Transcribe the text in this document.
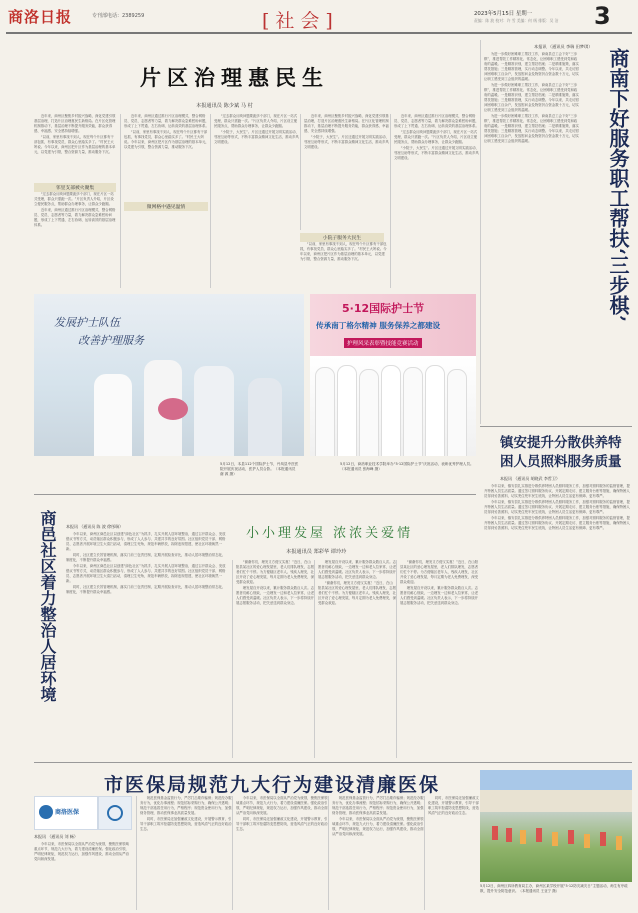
商洛日报	专刊部电话：2389259	[社会]	2023年5月15日 星期一
责编：陈 波 校对：许 雪 美编：何 绒 排版：吴 洁 3
片区治理惠民生
本报通讯员 陈少斌 马 村

近年来，商州区聚焦乡村振兴战略，深化党建引领基层治理，打造片区治理惠民生新格局。在片区化管理机制推动下，基层治理不断提升服务效能，群众获得感、幸福感、安全感持续增强。

“以前，家里有事找不到人，现在每个片区都有干部包抓，有事找党员，群众心里踏实多了。”村民王大妈说。今年以来，商州区把片区作为基层治理的基本单元，以党建为引领，整合资源力量，推动服务下沉。

邻里支部被火聚集

“过去群众反映问题要跑多个部门，现在片区一站式受理，群众只需跑一次。”片区负责人介绍，片区设立便民服务点，帮助群众办理事务，让群众少跑腿。

近年来，商州区通过推行片区治理模式，整合网格员、党员、志愿者等力量，着力解决群众急难愁盼问题，形成了上下贯通、左右协调、运转高效的基层治理体系。

近年来，商州区通过推行片区治理模式，整合网格员、党员、志愿者等力量，着力解决群众急难愁盼问题，形成了上下贯通、左右协调、运转高效的基层治理体系。

“以前，家里有事找不到人，现在每个片区都有干部包抓，有事找党员，群众心里踏实多了。”村民王大妈说。今年以来，商州区把片区作为基层治理的基本单元，以党建为引领，整合资源力量，推动服务下沉。

微网格中遇见温情

“过去群众反映问题要跑多个部门，现在片区一站式受理，群众只需跑一次。”片区负责人介绍，片区设立便民服务点，帮助群众办理事务，让群众少跑腿。

“小院子，大民生”。片区还通过开展文明实践活动、邻里互助等形式，不断丰富群众精神文化生活，推动乡风文明建设。

小院子服务大民生

近年来，商州区聚焦乡村振兴战略，深化党建引领基层治理，打造片区治理惠民生新格局。在片区化管理机制推动下，基层治理不断提升服务效能，群众获得感、幸福感、安全感持续增强。

“小院子，大民生”。片区还通过开展文明实践活动、邻里互助等形式，不断丰富群众精神文化生活，推动乡风文明建设。

“以前，家里有事找不到人，现在每个片区都有干部包抓，有事找党员，群众心里踏实多了。”村民王大妈说。今年以来，商州区把片区作为基层治理的基本单元，以党建为引领，整合资源力量，推动服务下沉。

近年来，商州区通过推行片区治理模式，整合网格员、党员、志愿者等力量，着力解决群众急难愁盼问题，形成了上下贯通、左右协调、运转高效的基层治理体系。

“过去群众反映问题要跑多个部门，现在片区一站式受理，群众只需跑一次。”片区负责人介绍，片区设立便民服务点，帮助群众办理事务，让群众少跑腿。

“小院子，大民生”。片区还通过开展文明实践活动、邻里互助等形式，不断丰富群众精神文化生活，推动乡风文明建设。

本报讯 （通讯员 李瑞 田梦琪）

为进一步做好困难职工帮扶工作，商南县总工会下好“三步棋”，推进帮扶工作精准化、常态化，让困难职工感受到党和政府的温暖。一是精准识别，建立帮扶档案；二是精准施策，落实帮扶措施；三是精准管理，实行动态调整。今年以来，共走访慰问困难职工百余户，发放慰问金及物资折合资金数十万元，切实让职工感受到工会组织的温暖。

为进一步做好困难职工帮扶工作，商南县总工会下好“三步棋”，推进帮扶工作精准化、常态化，让困难职工感受到党和政府的温暖。一是精准识别，建立帮扶档案；二是精准施策，落实帮扶措施；三是精准管理，实行动态调整。今年以来，共走访慰问困难职工百余户，发放慰问金及物资折合资金数十万元，切实让职工感受到工会组织的温暖。

为进一步做好困难职工帮扶工作，商南县总工会下好“三步棋”，推进帮扶工作精准化、常态化，让困难职工感受到党和政府的温暖。一是精准识别，建立帮扶档案；二是精准施策，落实帮扶措施；三是精准管理，实行动态调整。今年以来，共走访慰问困难职工百余户，发放慰问金及物资折合资金数十万元，切实让职工感受到工会组织的温暖。	商南下好服务职工帮扶‘三步棋’
镇安提升分散供养特困人员照料服务质量
本报讯 （通讯员 胡晓武 李哲卫）

今年以来，镇安县扎实推进分散供养特困人员照料服务工作，加强对照料服务的监督管理，提升特困人员生活质量。通过签订照料服务协议、开展定期走访、建立服务台账等措施，确保特困人员得到妥善照料，切实兜住兜牢民生底线，让特困人员生活更有保障、更有尊严。

今年以来，镇安县扎实推进分散供养特困人员照料服务工作，加强对照料服务的监督管理，提升特困人员生活质量。通过签订照料服务协议、开展定期走访、建立服务台账等措施，确保特困人员得到妥善照料，切实兜住兜牢民生底线，让特困人员生活更有保障、更有尊严。

今年以来，镇安县扎实推进分散供养特困人员照料服务工作，加强对照料服务的监督管理，提升特困人员生活质量。通过签订照料服务协议、开展定期走访、建立服务台账等措施，确保特困人员得到妥善照料，切实兜住兜牢民生底线，让特困人员生活更有保障、更有尊严。

发展护士队伍
改善护理服务
5月12日，本县112个国际护士节，丹凤县中医医院开展庆祝活动，医护人员合影。（本报通讯员 谢 源 摄）
5·12国际护士节
传承南丁格尔精神 服务保养之都建设
护理风采表彰暨技能竞赛活动
5月12日，商洛职业技术学院举办“5·12国际护士节”庆祝活动，表彰优秀护理人员。（本报通讯员 张海峰 摄）
商邑社区着力整治人居环境 本报讯 （通讯员 陈 波 徐彤瑞）

今年以来，商州区商邑社区以创建“绿色社区”为抓手，扎实开展人居环境整治，通过召开群众会、发放倡议书等方式，动员辖区群众积极参与，形成了人人参与、共建共享的良好氛围。社区组织党员干部、网格员、志愿者开展环境卫生大清扫活动，清理卫生死角，规范车辆停放，拆除违规搭建，使社区环境焕然一新。

同时，社区建立长效管理机制，落实门前三包责任制，定期开展检查评比，推动人居环境整治常态化、制度化，不断提升群众幸福感。

今年以来，商州区商邑社区以创建“绿色社区”为抓手，扎实开展人居环境整治，通过召开群众会、发放倡议书等方式，动员辖区群众积极参与，形成了人人参与、共建共享的良好氛围。社区组织党员干部、网格员、志愿者开展环境卫生大清扫活动，清理卫生死角，规范车辆停放，拆除违规搭建，使社区环境焕然一新。

同时，社区建立长效管理机制，落实门前三包责任制，定期开展检查评比，推动人居环境整治常态化、制度化，不断提升群众幸福感。

小小理发屋 浓浓关爱情
本报通讯员 郑彩华 谭玲玲

“谢谢你们，理发又方便又实惠！”近日，在山阳县某社区的爱心理发屋里，老人们排队理发，志愿者们忙个不停。为方便辖区老年人、残疾人理发，社区开设了爱心理发屋，每月定期为老人免费理发，深受群众欢迎。

理发屋自开设以来，累计服务群众数百人次。志愿者们耐心细致，一边理发一边和老人拉家常，让老人们感受到温暖。社区负责人表示，下一步将持续开展志愿服务活动，把关爱送到群众身边。

理发屋自开设以来，累计服务群众数百人次。志愿者们耐心细致，一边理发一边和老人拉家常，让老人们感受到温暖。社区负责人表示，下一步将持续开展志愿服务活动，把关爱送到群众身边。

“谢谢你们，理发又方便又实惠！”近日，在山阳县某社区的爱心理发屋里，老人们排队理发，志愿者们忙个不停。为方便辖区老年人、残疾人理发，社区开设了爱心理发屋，每月定期为老人免费理发，深受群众欢迎。

“谢谢你们，理发又方便又实惠！”近日，在山阳县某社区的爱心理发屋里，老人们排队理发，志愿者们忙个不停。为方便辖区老年人、残疾人理发，社区开设了爱心理发屋，每月定期为老人免费理发，深受群众欢迎。

理发屋自开设以来，累计服务群众数百人次。志愿者们耐心细致，一边理发一边和老人拉家常，让老人们感受到温暖。社区负责人表示，下一步将持续开展志愿服务活动，把关爱送到群众身边。

市医保局规范九大行为建设清廉医保
商洛医保
本报讯 （通讯员 刘 畅）

今年以来，市医保局以全面从严治党为统领，聚焦医保领域重点环节，规范九大行为，着力建设清廉医保。强化政治引领，严明纪律规矩，规范权力运行，加强作风建设，推动全面从严治党向纵深发展。

规范医保基金监管行为，严厉打击欺诈骗保；规范经办服务行为，优化办事流程；规范招标采购行为，确保公开透明；规范干部选拔任用行为，严格程序；规范资金使用行为，加强财务管理，推动医保事业高质量发展。

同时，市医保局还加强廉政文化建设，开展警示教育，引导干部职工筑牢拒腐防变思想防线，营造风清气正的良好政治生态。

今年以来，市医保局以全面从严治党为统领，聚焦医保领域重点环节，规范九大行为，着力建设清廉医保。强化政治引领，严明纪律规矩，规范权力运行，加强作风建设，推动全面从严治党向纵深发展。

同时，市医保局还加强廉政文化建设，开展警示教育，引导干部职工筑牢拒腐防变思想防线，营造风清气正的良好政治生态。

规范医保基金监管行为，严厉打击欺诈骗保；规范经办服务行为，优化办事流程；规范招标采购行为，确保公开透明；规范干部选拔任用行为，严格程序；规范资金使用行为，加强财务管理，推动医保事业高质量发展。

今年以来，市医保局以全面从严治党为统领，聚焦医保领域重点环节，规范九大行为，着力建设清廉医保。强化政治引领，严明纪律规矩，规范权力运行，加强作风建设，推动全面从严治党向纵深发展。

同时，市医保局还加强廉政文化建设，开展警示教育，引导干部职工筑牢拒腐防变思想防线，营造风清气正的良好政治生态。

5月12日，商州区四所教育局主办，商州区某学校开展“5·12防灾减灾日”主题活动，师生有序疏散，提升安全防范意识。（本报通讯员 王亚宁 摄）
